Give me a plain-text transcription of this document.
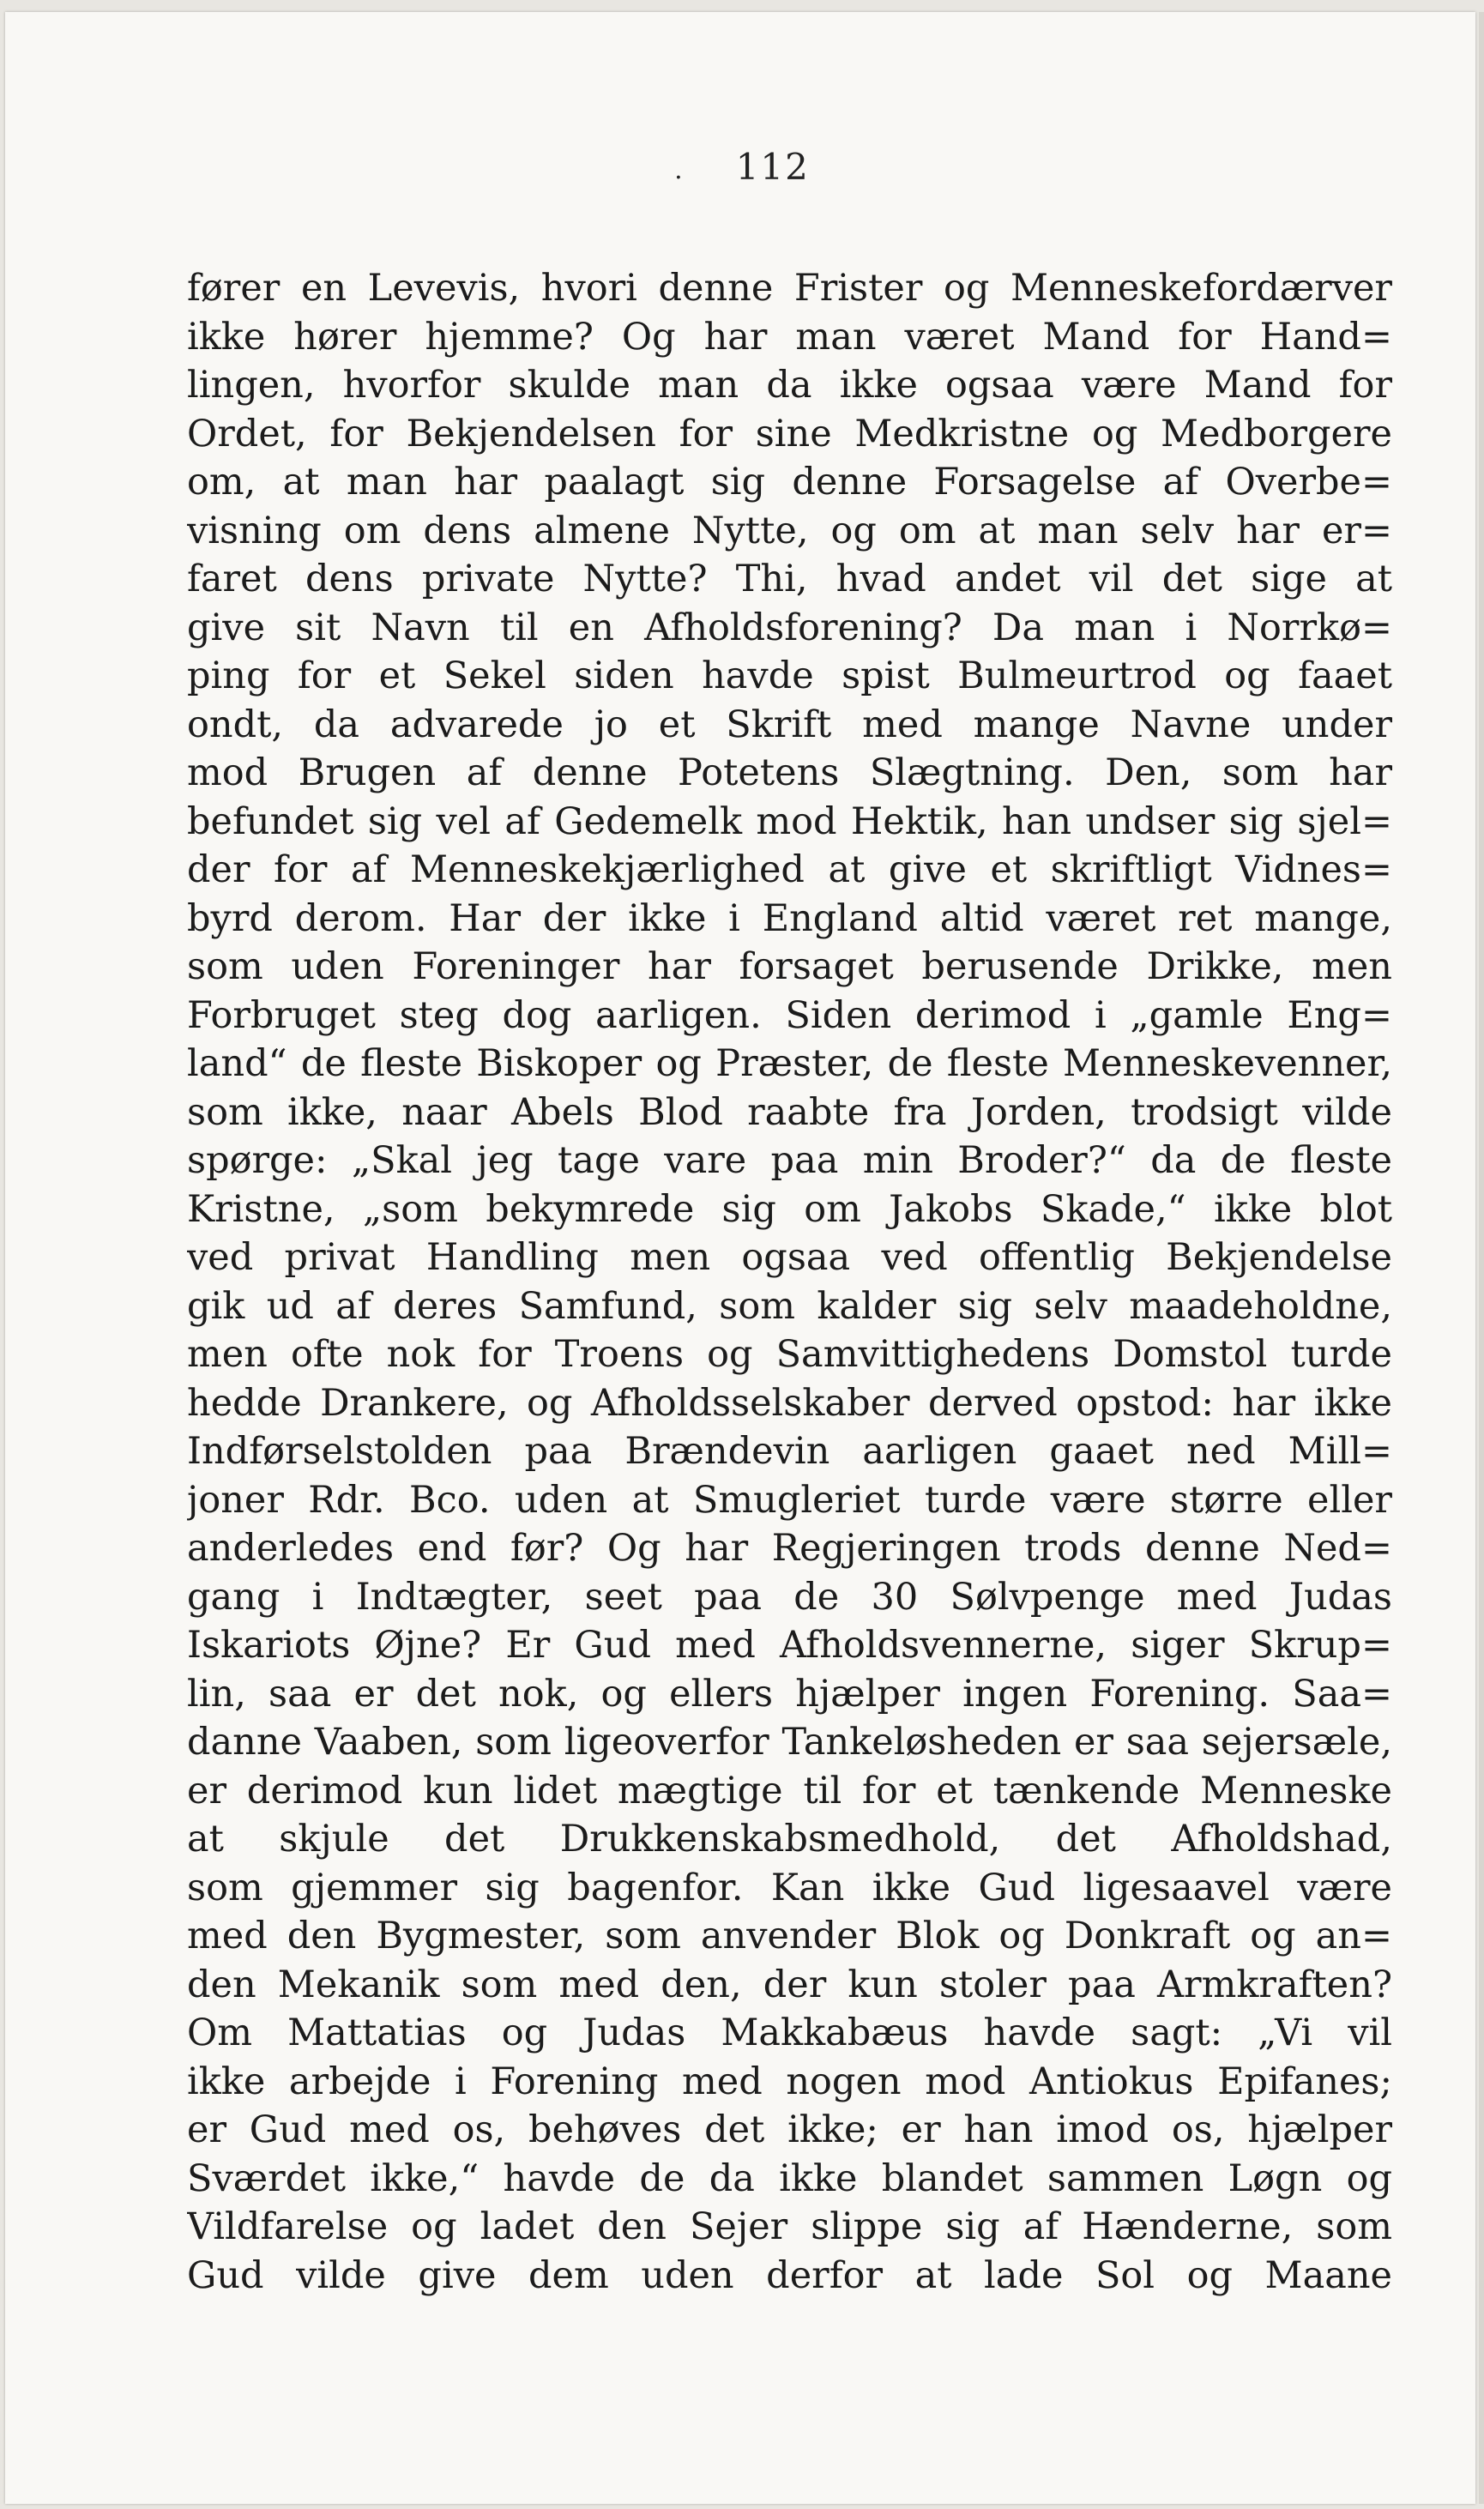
. 112
fører en Levevis, hvori denne Frister og Menneskefordærver
ikke hører hjemme? Og har man været Mand for Hand=
lingen, hvorfor skulde man da ikke ogsaa være Mand for
Ordet, for Bekjendelsen for sine Medkristne og Medborgere
om, at man har paalagt sig denne Forsagelse af Overbe=
visning om dens almene Nytte, og om at man selv har er=
faret dens private Nytte? Thi, hvad andet vil det sige at
give sit Navn til en Afholdsforening? Da man i Norrkø=
ping for et Sekel siden havde spist Bulmeurtrod og faaet
ondt, da advarede jo et Skrift med mange Navne under
mod Brugen af denne Potetens Slægtning. Den, som har
befundet sig vel af Gedemelk mod Hektik, han undser sig sjel=
der for af Menneskekjærlighed at give et skriftligt Vidnes=
byrd derom. Har der ikke i England altid været ret mange,
som uden Foreninger har forsaget berusende Drikke, men
Forbruget steg dog aarligen. Siden derimod i „gamle Eng=
land“ de fleste Biskoper og Præster, de fleste Menneskevenner,
som ikke, naar Abels Blod raabte fra Jorden, trodsigt vilde
spørge: „Skal jeg tage vare paa min Broder?“ da de fleste
Kristne, „som bekymrede sig om Jakobs Skade,“ ikke blot
ved privat Handling men ogsaa ved offentlig Bekjendelse
gik ud af deres Samfund, som kalder sig selv maadeholdne,
men ofte nok for Troens og Samvittighedens Domstol turde
hedde Drankere, og Afholdsselskaber derved opstod: har ikke
Indførselstolden paa Brændevin aarligen gaaet ned Mill=
joner Rdr. Bco. uden at Smugleriet turde være større eller
anderledes end før? Og har Regjeringen trods denne Ned=
gang i Indtægter, seet paa de 30 Sølvpenge med Judas
Iskariots Øjne? Er Gud med Afholdsvennerne, siger Skrup=
lin, saa er det nok, og ellers hjælper ingen Forening. Saa=
danne Vaaben, som ligeoverfor Tankeløsheden er saa sejersæle,
er derimod kun lidet mægtige til for et tænkende Menneske
at skjule det Drukkenskabsmedhold, det Afholdshad,
som gjemmer sig bagenfor. Kan ikke Gud ligesaavel være
med den Bygmester, som anvender Blok og Donkraft og an=
den Mekanik som med den, der kun stoler paa Armkraften?
Om Mattatias og Judas Makkabæus havde sagt: „Vi vil
ikke arbejde i Forening med nogen mod Antiokus Epifanes;
er Gud med os, behøves det ikke; er han imod os, hjælper
Sværdet ikke,“ havde de da ikke blandet sammen Løgn og
Vildfarelse og ladet den Sejer slippe sig af Hænderne, som
Gud vilde give dem uden derfor at lade Sol og Maane
